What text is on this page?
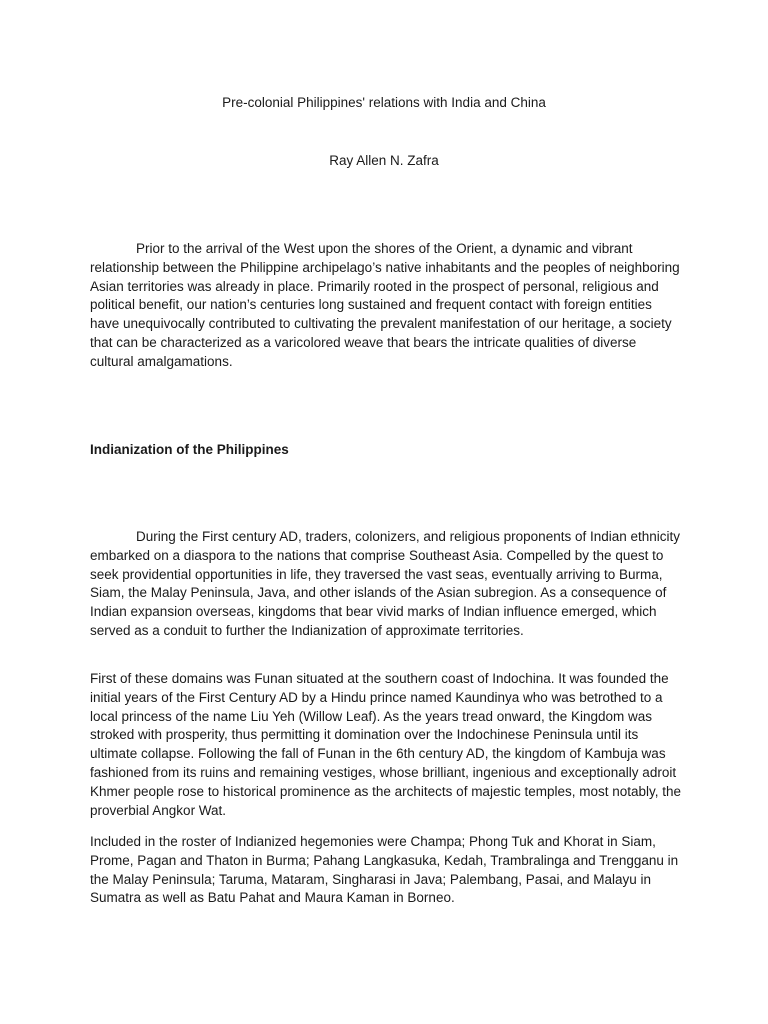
Pre-colonial Philippines' relations with India and China

Ray Allen N. Zafra

Prior to the arrival of the West upon the shores of the Orient, a dynamic and vibrant relationship between the Philippine archipelago’s native inhabitants and the peoples of neighboring Asian territories was already in place. Primarily rooted in the prospect of personal, religious and political benefit, our nation’s centuries long sustained and frequent contact with foreign entities have unequivocally contributed to cultivating the prevalent manifestation of our heritage, a society that can be characterized as a varicolored weave that bears the intricate qualities of diverse cultural amalgamations.

Indianization of the Philippines

During the First century AD, traders, colonizers, and religious proponents of Indian ethnicity embarked on a diaspora to the nations that comprise Southeast Asia. Compelled by the quest to seek providential opportunities in life, they traversed the vast seas, eventually arriving to Burma, Siam, the Malay Peninsula, Java, and other islands of the Asian subregion. As a consequence of Indian expansion overseas, kingdoms that bear vivid marks of Indian influence emerged, which served as a conduit to further the Indianization of approximate territories.

First of these domains was Funan situated at the southern coast of Indochina. It was founded the initial years of the First Century AD by a Hindu prince named Kaundinya who was betrothed to a local princess of the name Liu Yeh (Willow Leaf). As the years tread onward, the Kingdom was stroked with prosperity, thus permitting it domination over the Indochinese Peninsula until its ultimate collapse. Following the fall of Funan in the 6th century AD, the kingdom of Kambuja was fashioned from its ruins and remaining vestiges, whose brilliant, ingenious and exceptionally adroit Khmer people rose to historical prominence as the architects of majestic temples, most notably, the proverbial Angkor Wat.

Included in the roster of Indianized hegemonies were Champa; Phong Tuk and Khorat in Siam, Prome, Pagan and Thaton in Burma; Pahang Langkasuka, Kedah, Trambralinga and Trengganu in the Malay Peninsula; Taruma, Mataram, Singharasi in Java; Palembang, Pasai, and Malayu in Sumatra as well as Batu Pahat and Maura Kaman in Borneo.
